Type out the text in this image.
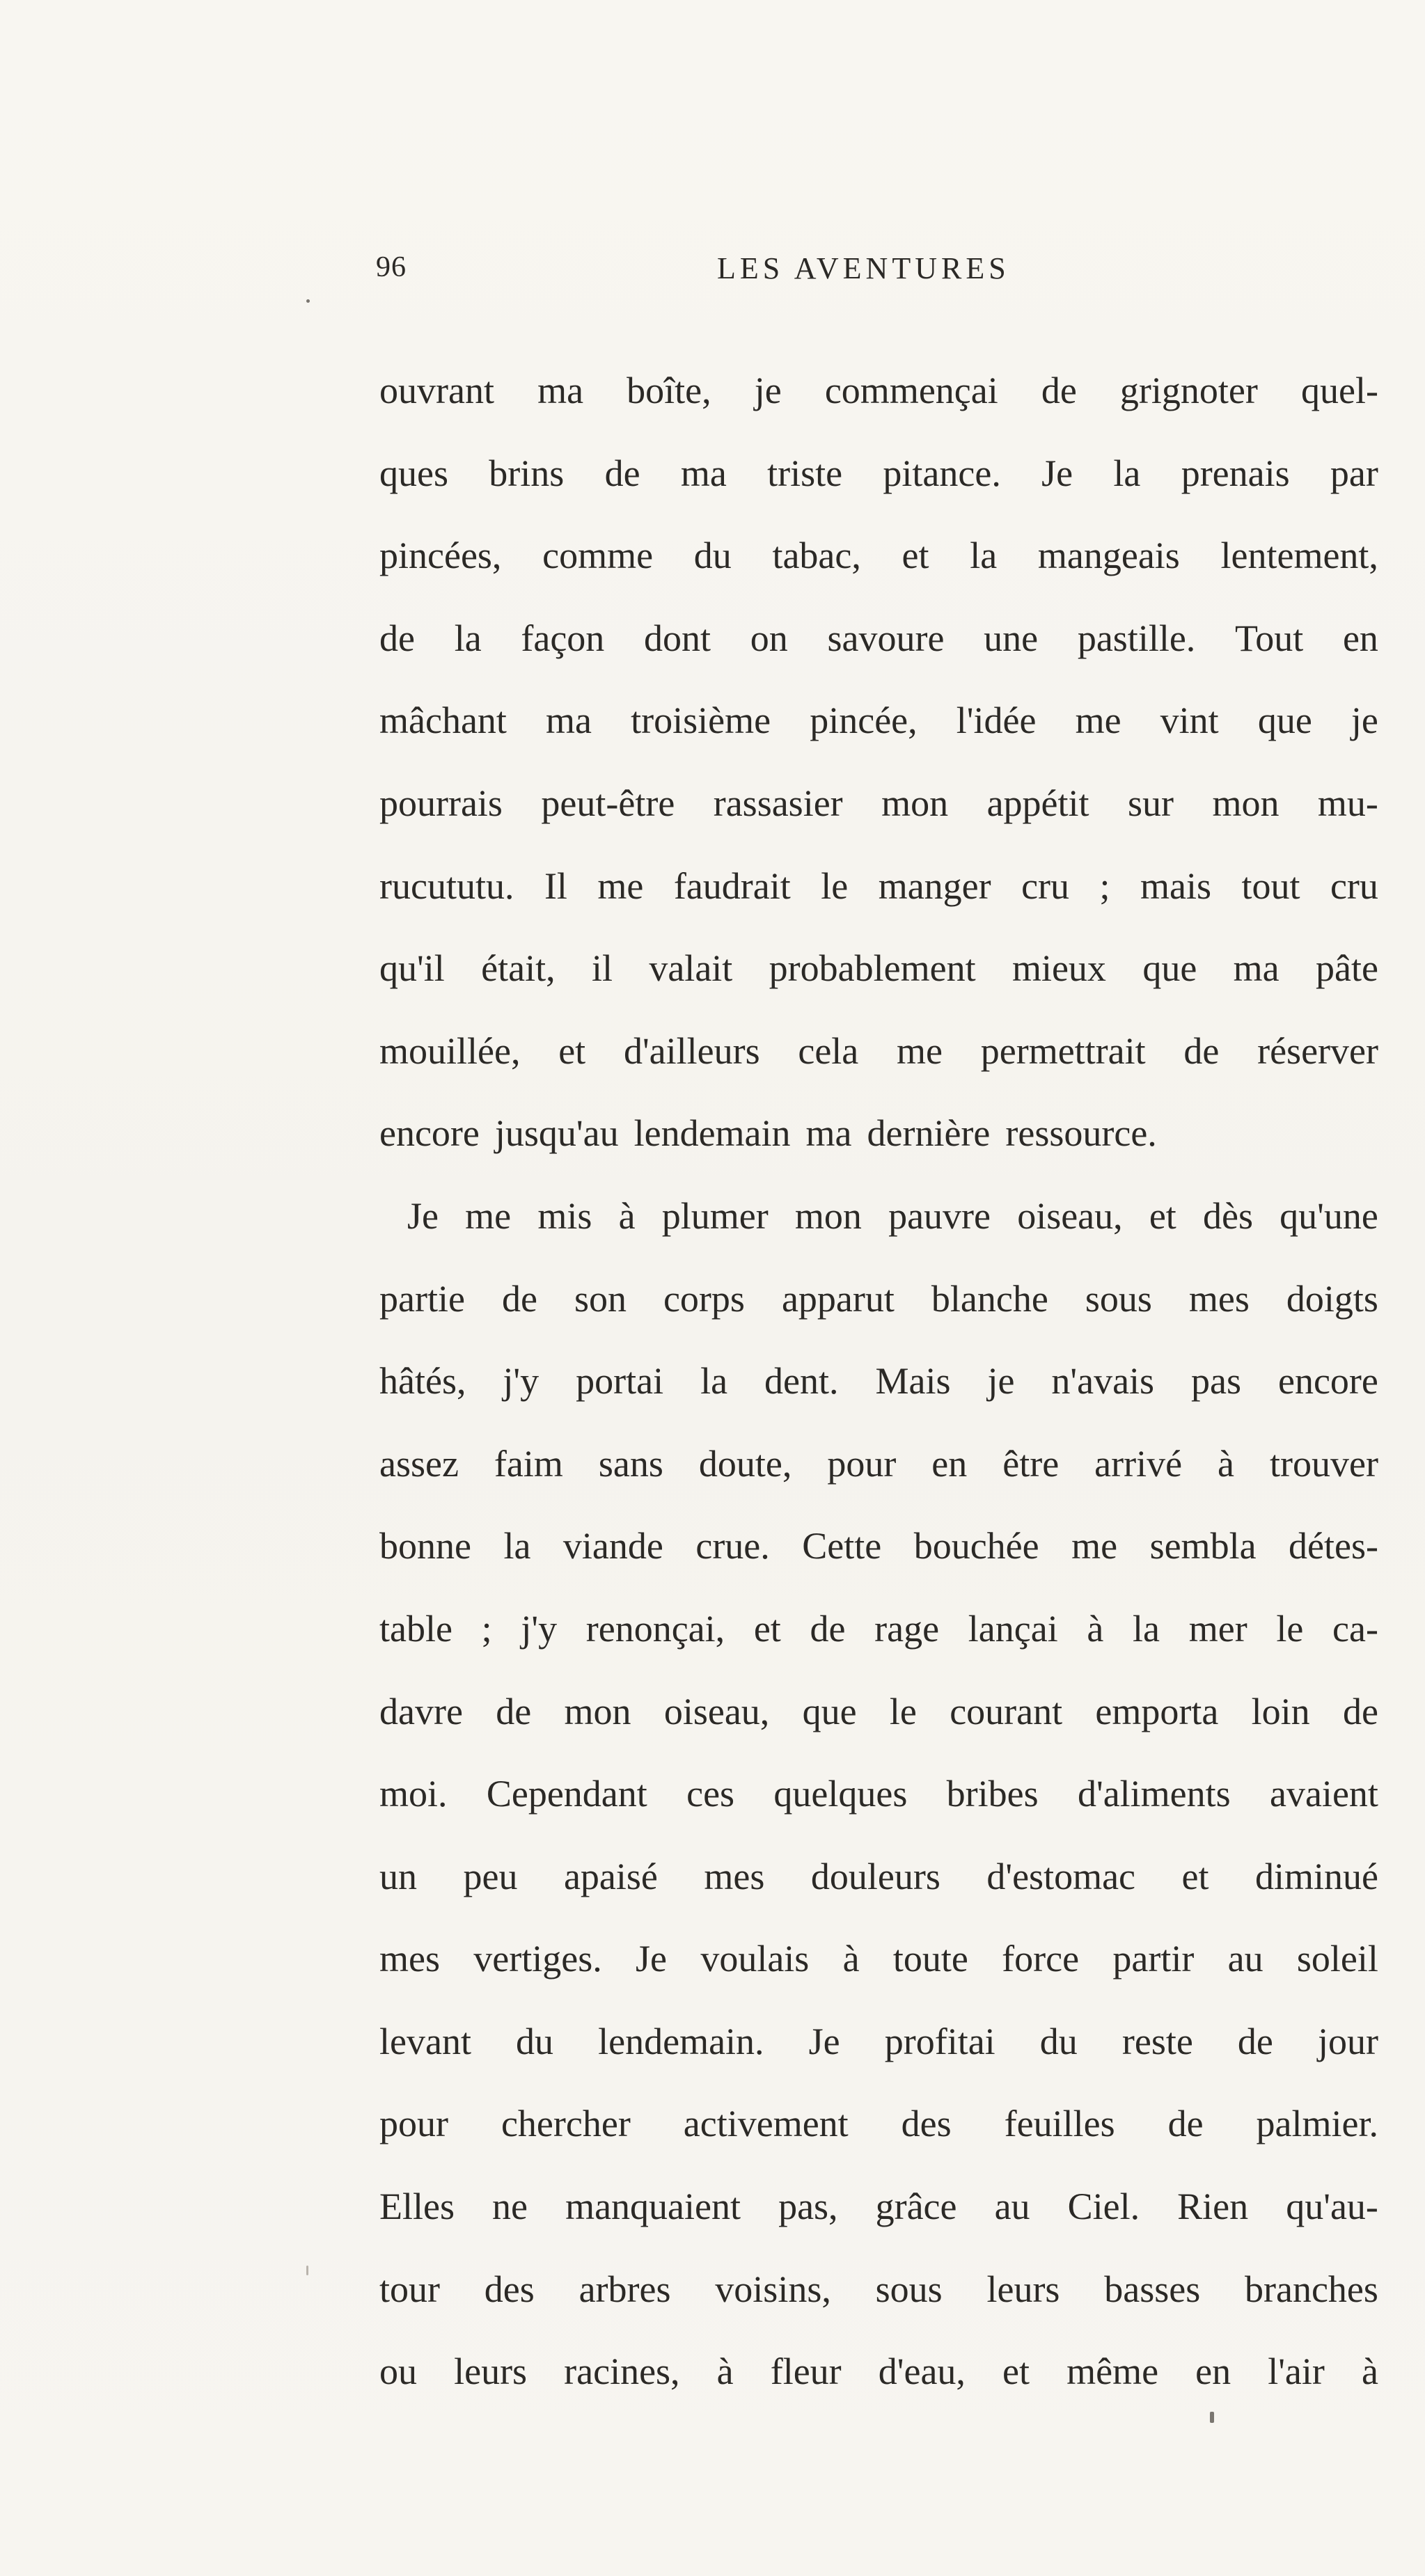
96	LES AVENTURES
ouvrant ma boîte, je commençai de grignoter quel-
ques brins de ma triste pitance. Je la prenais par
pincées, comme du tabac, et la mangeais lentement,
de la façon dont on savoure une pastille. Tout en
mâchant ma troisième pincée, l'idée me vint que je
pourrais peut-être rassasier mon appétit sur mon mu-
rucututu. Il me faudrait le manger cru ; mais tout cru
qu'il était, il valait probablement mieux que ma pâte
mouillée, et d'ailleurs cela me permettrait de réserver
encore jusqu'au lendemain ma dernière ressource.
Je me mis à plumer mon pauvre oiseau, et dès qu'une
partie de son corps apparut blanche sous mes doigts
hâtés, j'y portai la dent. Mais je n'avais pas encore
assez faim sans doute, pour en être arrivé à trouver
bonne la viande crue. Cette bouchée me sembla détes-
table ; j'y renonçai, et de rage lançai à la mer le ca-
davre de mon oiseau, que le courant emporta loin de
moi. Cependant ces quelques bribes d'aliments avaient
un peu apaisé mes douleurs d'estomac et diminué
mes vertiges. Je voulais à toute force partir au soleil
levant du lendemain. Je profitai du reste de jour
pour chercher activement des feuilles de palmier.
Elles ne manquaient pas, grâce au Ciel. Rien qu'au-
tour des arbres voisins, sous leurs basses branches
ou leurs racines, à fleur d'eau, et même en l'air à
